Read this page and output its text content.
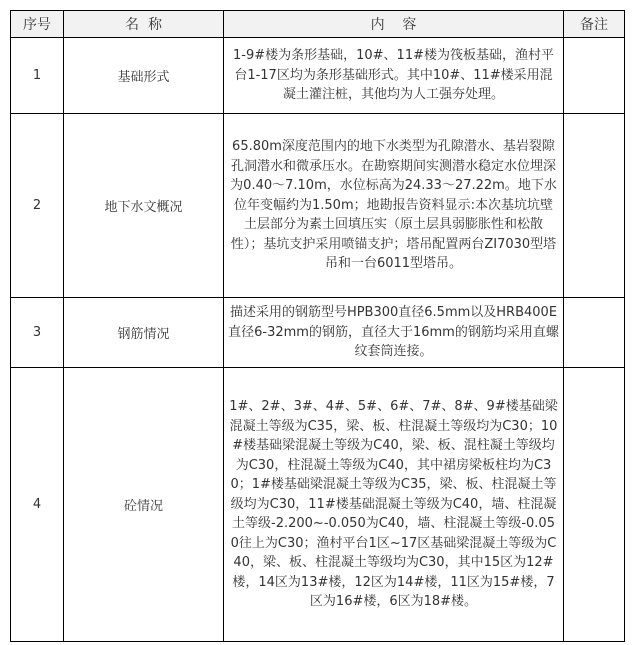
序号	名  称	内    容	备注
1	基础形式	1-9#楼为条形基础，10#、11#楼为筏板基础，渔村平台1-17区均为条形基础形式。其中10#、11#楼采用混凝土灌注桩，其他均为人工强夯处理。	
2	地下水文概况	65.80m深度范围内的地下水类型为孔隙潜水、基岩裂隙孔洞潜水和微承压水。在勘察期间实测潜水稳定水位埋深为0.40～7.10m，水位标高为24.33～27.22m。地下水位年变幅约为1.50m；地勘报告资料显示:本次基坑坑壁土层部分为素土回填压实（原土层具弱膨胀性和松散性）；基坑支护采用喷锚支护；塔吊配置两台ZI7030型塔吊和一台6011型塔吊。	
3	钢筋情况	描述采用的钢筋型号HPB300直径6.5mm以及HRB400E直径6-32mm的钢筋，直径大于16mm的钢筋均采用直螺纹套筒连接。	
4	砼情况	1#、2#、3#、4#、5#、6#、7#、8#、9#楼基础梁混凝土等级为C35，梁、板、柱混凝土等级均为C30；10#楼基础梁混凝土等级为C40，梁、板、混柱凝土等级均为C30，柱混凝土等级为C40，其中裙房梁板柱均为C30；1#楼基础梁混凝土等级为C35，梁、板、柱混凝土等级均为C30，11#楼基础混凝土等级为C40，墙、柱混凝土等级-2.200~-0.050为C40，墙、柱混凝土等级-0.050往上为C30；渔村平台1区~17区基础梁混凝土等级为C40，梁、板、柱混凝土等级均为C30，其中15区为12#楼，14区为13#楼，12区为14#楼，11区为15#楼，7区为16#楼，6区为18#楼。	
